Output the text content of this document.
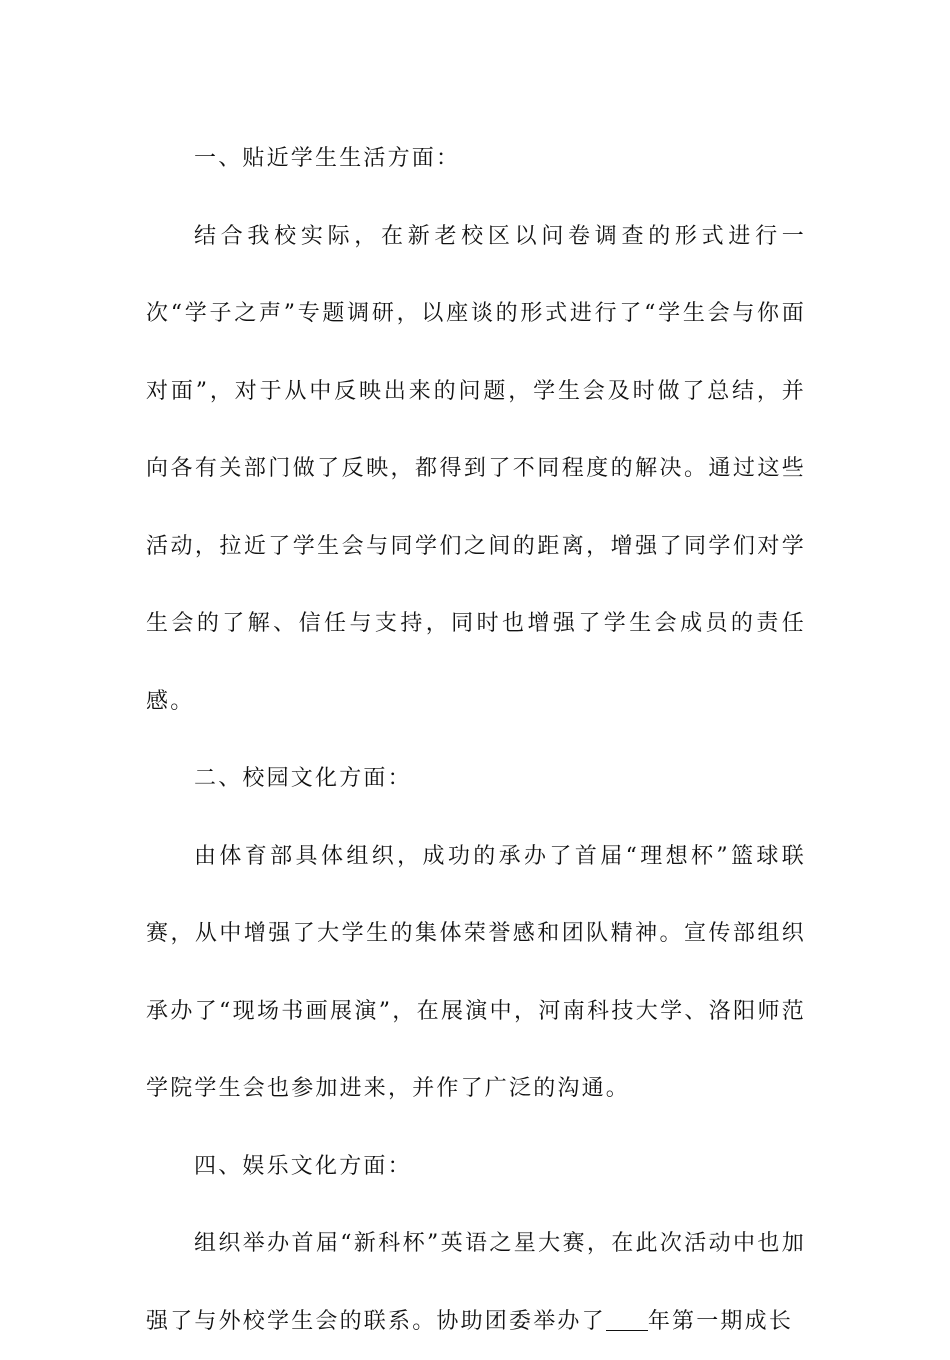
一、贴近学生生活方面：

结合我校实际，在新老校区以问卷调查的形式进行一次“学子之声”专题调研，以座谈的形式进行了“学生会与你面对面”，对于从中反映出来的问题，学生会及时做了总结，并向各有关部门做了反映，都得到了不同程度的解决。通过这些活动，拉近了学生会与同学们之间的距离，增强了同学们对学生会的了解、信任与支持，同时也增强了学生会成员的责任感。

二、校园文化方面：

由体育部具体组织，成功的承办了首届“理想杯”篮球联赛，从中增强了大学生的集体荣誉感和团队精神。宣传部组织承办了“现场书画展演”，在展演中，河南科技大学、洛阳师范学院学生会也参加进来，并作了广泛的沟通。

四、娱乐文化方面：

组织举办首届“新科杯”英语之星大赛，在此次活动中也加强了与外校学生会的联系。协助团委举办了 年第一期成长
